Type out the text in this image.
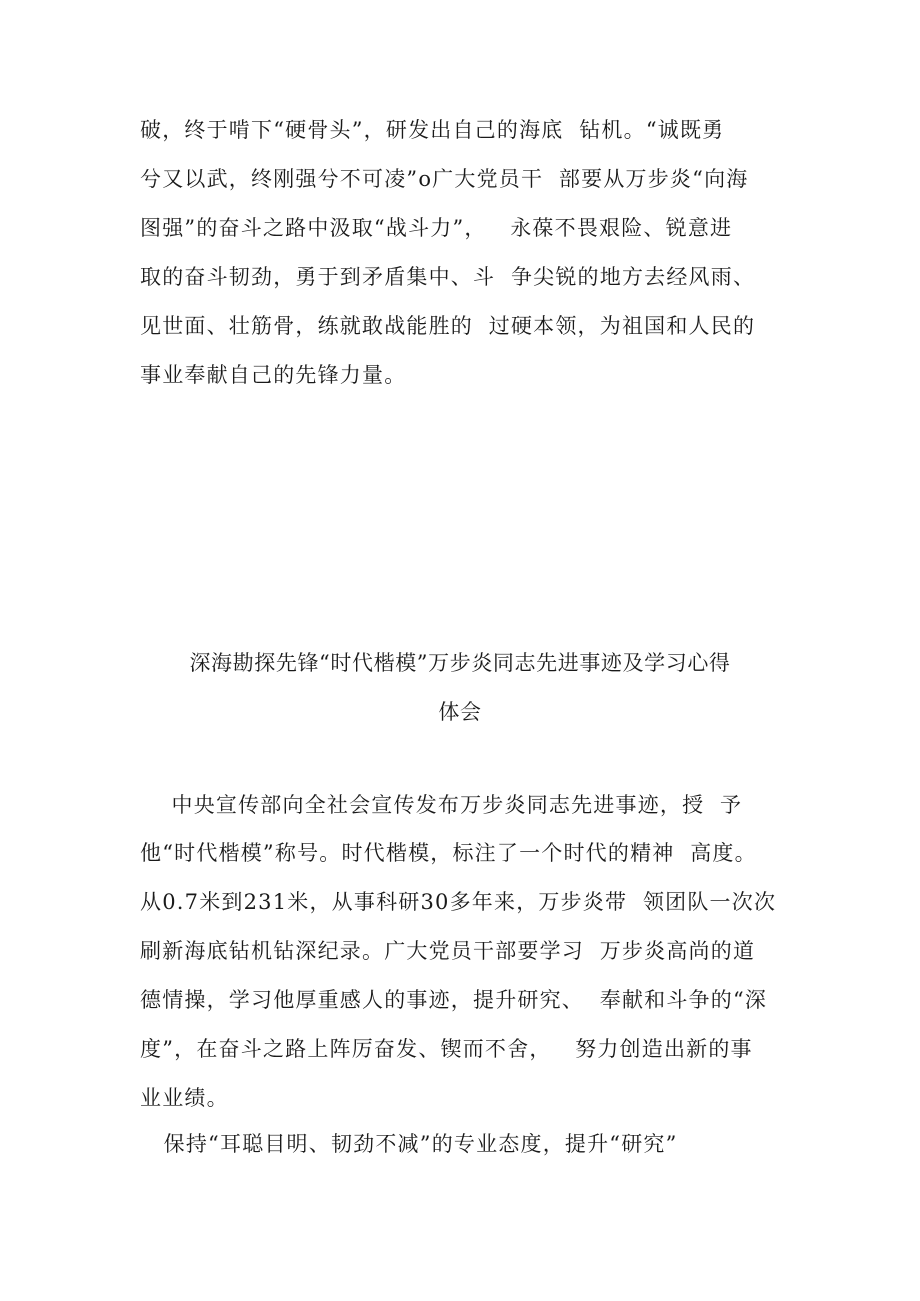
破，终于啃下“硬骨头”，研发出自己的海底  钻机。“诚既勇
兮又以武，终刚强兮不可凌”o广大党员干  部要从万步炎“向海
图强”的奋斗之路中汲取“战斗力”，   永葆不畏艰险、锐意进
取的奋斗韧劲，勇于到矛盾集中、斗  争尖锐的地方去经风雨、
见世面、壮筋骨，练就敢战能胜的  过硬本领，为祖国和人民的
事业奉献自己的先锋力量。
深海勘探先锋“时代楷模”万步炎同志先进事迹及学习心得
体会
中央宣传部向全社会宣传发布万步炎同志先进事迹，授  予
他“时代楷模”称号。时代楷模，标注了一个时代的精神  高度。
从0.7米到231米，从事科研30多年来，万步炎带  领团队一次次
刷新海底钻机钻深纪录。广大党员干部要学习  万步炎高尚的道
德情操，学习他厚重感人的事迹，提升研究、  奉献和斗争的“深
度”，在奋斗之路上阵厉奋发、锲而不舍，   努力创造出新的事
业业绩。
保持“耳聪目明、韧劲不减”的专业态度，提升“研究”
